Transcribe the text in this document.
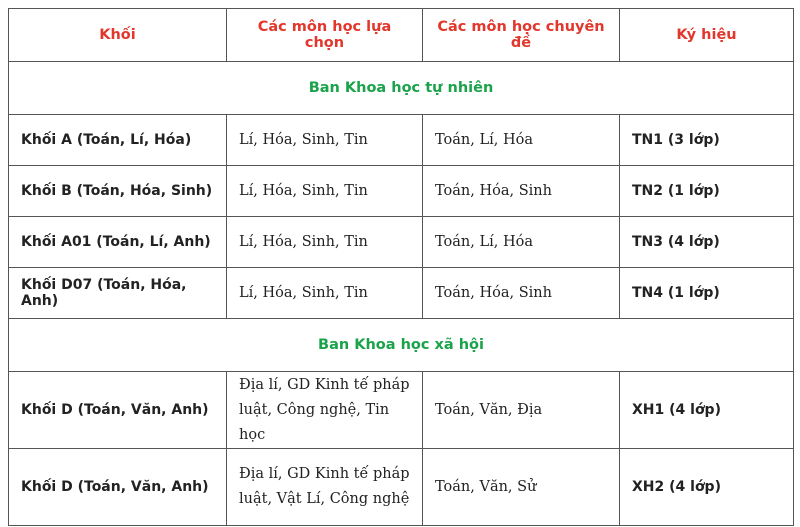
Khối	Các môn học lựa chọn	Các môn học chuyên đề	Ký hiệu
Ban Khoa học tự nhiên			
Khối A (Toán, Lí, Hóa)	Lí, Hóa, Sinh, Tin	Toán, Lí, Hóa	TN1 (3 lớp)
Khối B (Toán, Hóa, Sinh)	Lí, Hóa, Sinh, Tin	Toán, Hóa, Sinh	TN2 (1 lớp)
Khối A01 (Toán, Lí, Anh)	Lí, Hóa, Sinh, Tin	Toán, Lí, Hóa	TN3 (4 lớp)
Khối D07 (Toán, Hóa, Anh)	Lí, Hóa, Sinh, Tin	Toán, Hóa, Sinh	TN4 (1 lớp)
Ban Khoa học xã hội			
Khối D (Toán, Văn, Anh)	Địa lí, GD Kinh tế pháp luật, Công nghệ, Tin học	Toán, Văn, Địa	XH1 (4 lớp)
Khối D (Toán, Văn, Anh)	Địa lí, GD Kinh tế pháp luật, Vật Lí, Công nghệ	Toán, Văn, Sử	XH2 (4 lớp)
